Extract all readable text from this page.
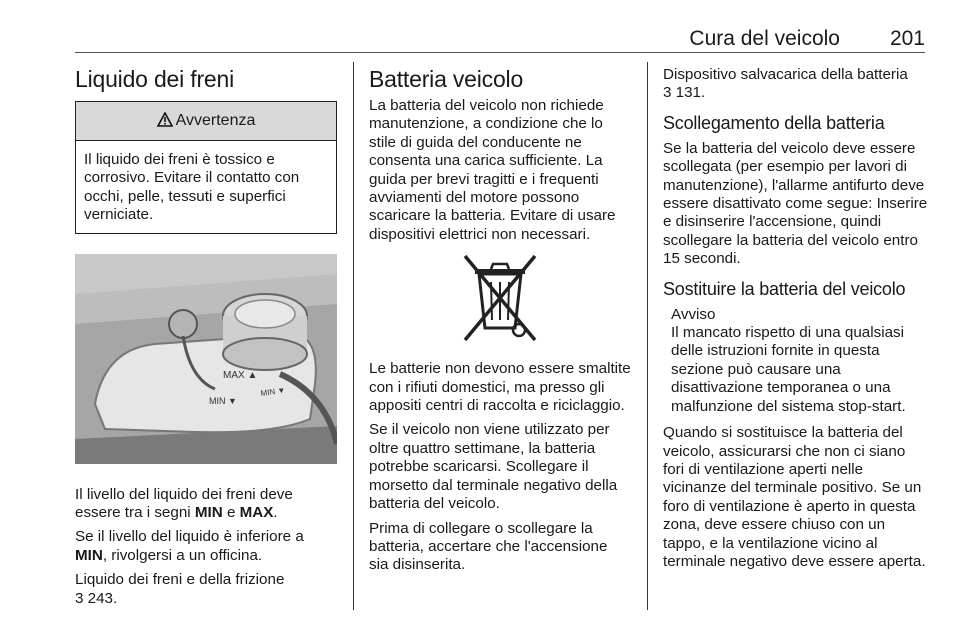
Cura del veicolo 201
Liquido dei freni
Avvertenza

Il liquido dei freni è tossico e corrosivo. Evitare il contatto con occhi, pelle, tessuti e superfici verniciate.

MAX ▲
MIN ▼
MIN ▼

Il livello del liquido dei freni deve essere tra i segni MIN e MAX.

Se il livello del liquido è inferiore a MIN, rivolgersi a un officina.

Liquido dei freni e della frizione
3 243.

Batteria veicolo

La batteria del veicolo non richiede manutenzione, a condizione che lo stile di guida del conducente ne consenta una carica sufficiente. La guida per brevi tragitti e i frequenti avviamenti del motore possono scaricare la batteria. Evitare di usare dispositivi elettrici non necessari.

Le batterie non devono essere smaltite con i rifiuti domestici, ma presso gli appositi centri di raccolta e riciclaggio.

Se il veicolo non viene utilizzato per oltre quattro settimane, la batteria potrebbe scaricarsi. Scollegare il morsetto dal terminale negativo della batteria del veicolo.

Prima di collegare o scollegare la batteria, accertare che l'accensione sia disinserita.

Dispositivo salvacarica della batteria
3 131.

Scollegamento della batteria

Se la batteria del veicolo deve essere scollegata (per esempio per lavori di manutenzione), l'allarme antifurto deve essere disattivato come segue: Inserire e disinserire l'accensione, quindi scollegare la batteria del veicolo entro 15 secondi.

Sostituire la batteria del veicolo
Avviso

Il mancato rispetto di una qualsiasi delle istruzioni fornite in questa sezione può causare una disattivazione temporanea o una malfunzione del sistema stop-start.

Quando si sostituisce la batteria del veicolo, assicurarsi che non ci siano fori di ventilazione aperti nelle vicinanze del terminale positivo. Se un foro di ventilazione è aperto in questa zona, deve essere chiuso con un tappo, e la ventilazione vicino al terminale negativo deve essere aperta.
